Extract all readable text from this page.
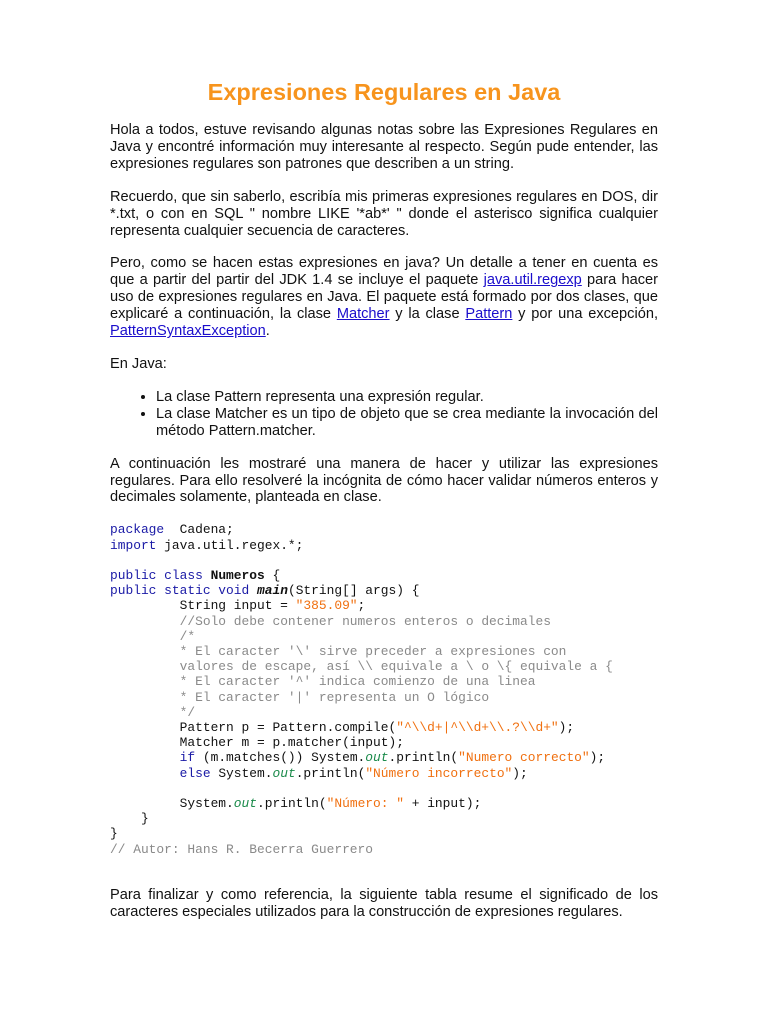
Expresiones Regulares en Java

Hola a todos, estuve revisando algunas notas sobre las Expresiones Regulares en Java y encontré información muy interesante al respecto. Según pude entender, las expresiones regulares son patrones que describen a un string.

Recuerdo, que sin saberlo, escribía mis primeras expresiones regulares en DOS, dir *.txt, o con en SQL " nombre LIKE '*ab*' " donde el asterisco significa cualquier representa cualquier secuencia de caracteres.

Pero, como se hacen estas expresiones en java? Un detalle a tener en cuenta es que a partir del partir del JDK 1.4 se incluye el paquete java.util.regexp para hacer uso de expresiones regulares en Java. El paquete está formado por dos clases, que explicaré a continuación, la clase Matcher y la clase Pattern y por una excepción, PatternSyntaxException.

En Java:

• La clase Pattern representa una expresión regular.
• La clase Matcher es un tipo de objeto que se crea mediante la invocación del método Pattern.matcher.

A continuación les mostraré una manera de hacer y utilizar las expresiones regulares. Para ello resolveré la incógnita de cómo hacer validar números enteros y decimales solamente, planteada en clase.

package  Cadena;
import java.util.regex.*;

public class Numeros {
public static void main(String[] args) {
String input = "385.09";
//Solo debe contener numeros enteros o decimales
/*
* El caracter '\' sirve preceder a expresiones con
valores de escape, así \\ equivale a \ o \{ equivale a {
* El caracter '^' indica comienzo de una linea
* El caracter '|' representa un O lógico
*/
Pattern p = Pattern.compile("^\\d+|^\\d+\\.?\\d+");
Matcher m = p.matcher(input);
if (m.matches()) System.out.println("Numero correcto");
else System.out.println("Número incorrecto");

System.out.println("Número: " + input);
}
}
// Autor: Hans R. Becerra Guerrero

Para finalizar y como referencia, la siguiente tabla resume el significado de los caracteres especiales utilizados para la construcción de expresiones regulares.
